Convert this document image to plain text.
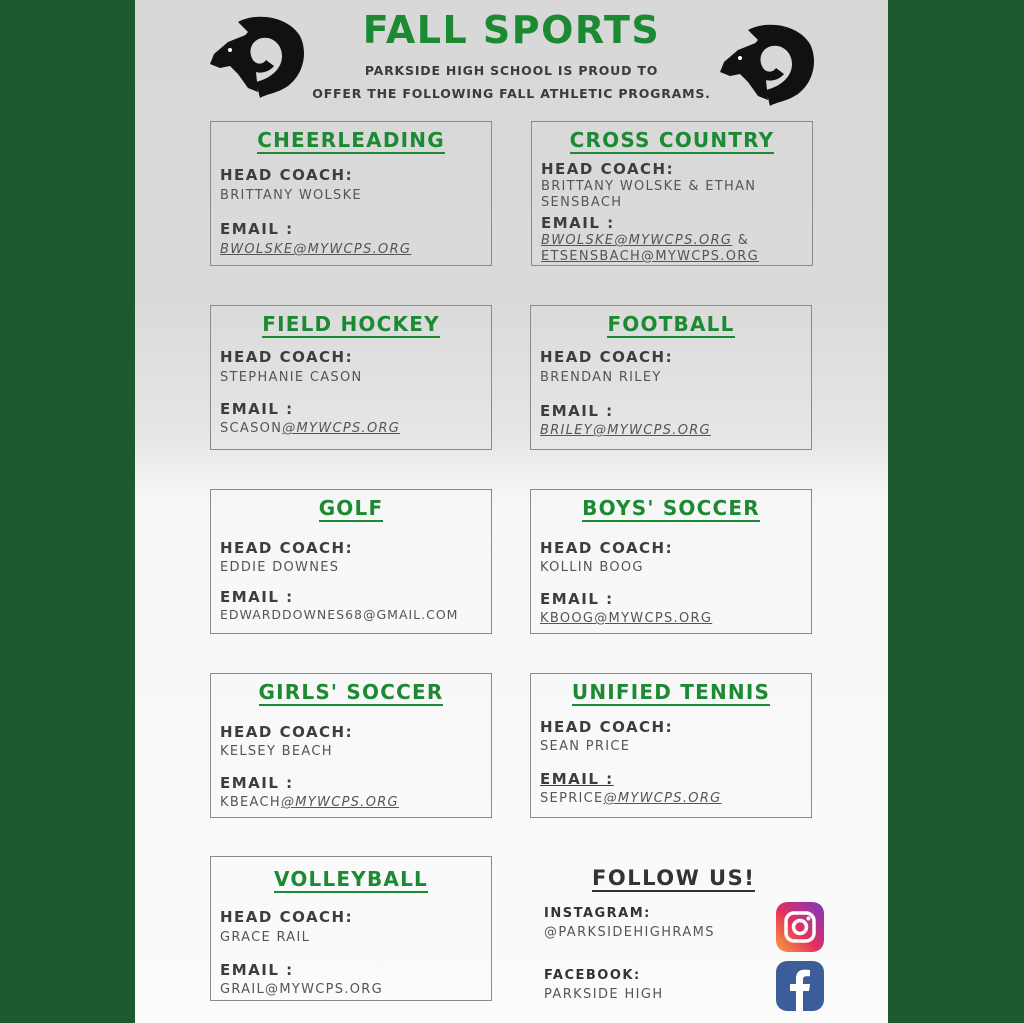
FALL SPORTS
PARKSIDE HIGH SCHOOL IS PROUD TO
OFFER THE FOLLOWING FALL ATHLETIC PROGRAMS.
CHEERLEADING
HEAD COACH:
BRITTANY WOLSKE
EMAIL :
BWOLSKE@MYWCPS.ORG
CROSS COUNTRY
HEAD COACH:
BRITTANY WOLSKE & ETHAN
SENSBACH
EMAIL :
BWOLSKE@MYWCPS.ORG &
ETSENSBACH@MYWCPS.ORG
FIELD HOCKEY
HEAD COACH:
STEPHANIE CASON
EMAIL :
SCASON@MYWCPS.ORG
FOOTBALL
HEAD COACH:
BRENDAN RILEY
EMAIL :
BRILEY@MYWCPS.ORG
GOLF
HEAD COACH:
EDDIE DOWNES
EMAIL :
EDWARDDOWNES68@GMAIL.COM
BOYS' SOCCER
HEAD COACH:
KOLLIN BOOG
EMAIL :
KBOOG@MYWCPS.ORG
GIRLS' SOCCER
HEAD COACH:
KELSEY BEACH
EMAIL :
KBEACH@MYWCPS.ORG
UNIFIED TENNIS
HEAD COACH:
SEAN PRICE
EMAIL :
SEPRICE@MYWCPS.ORG
VOLLEYBALL
HEAD COACH:
GRACE RAIL
EMAIL :
GRAIL@MYWCPS.ORG
FOLLOW US!
INSTAGRAM:
@PARKSIDEHIGHRAMS
FACEBOOK:
PARKSIDE HIGH
